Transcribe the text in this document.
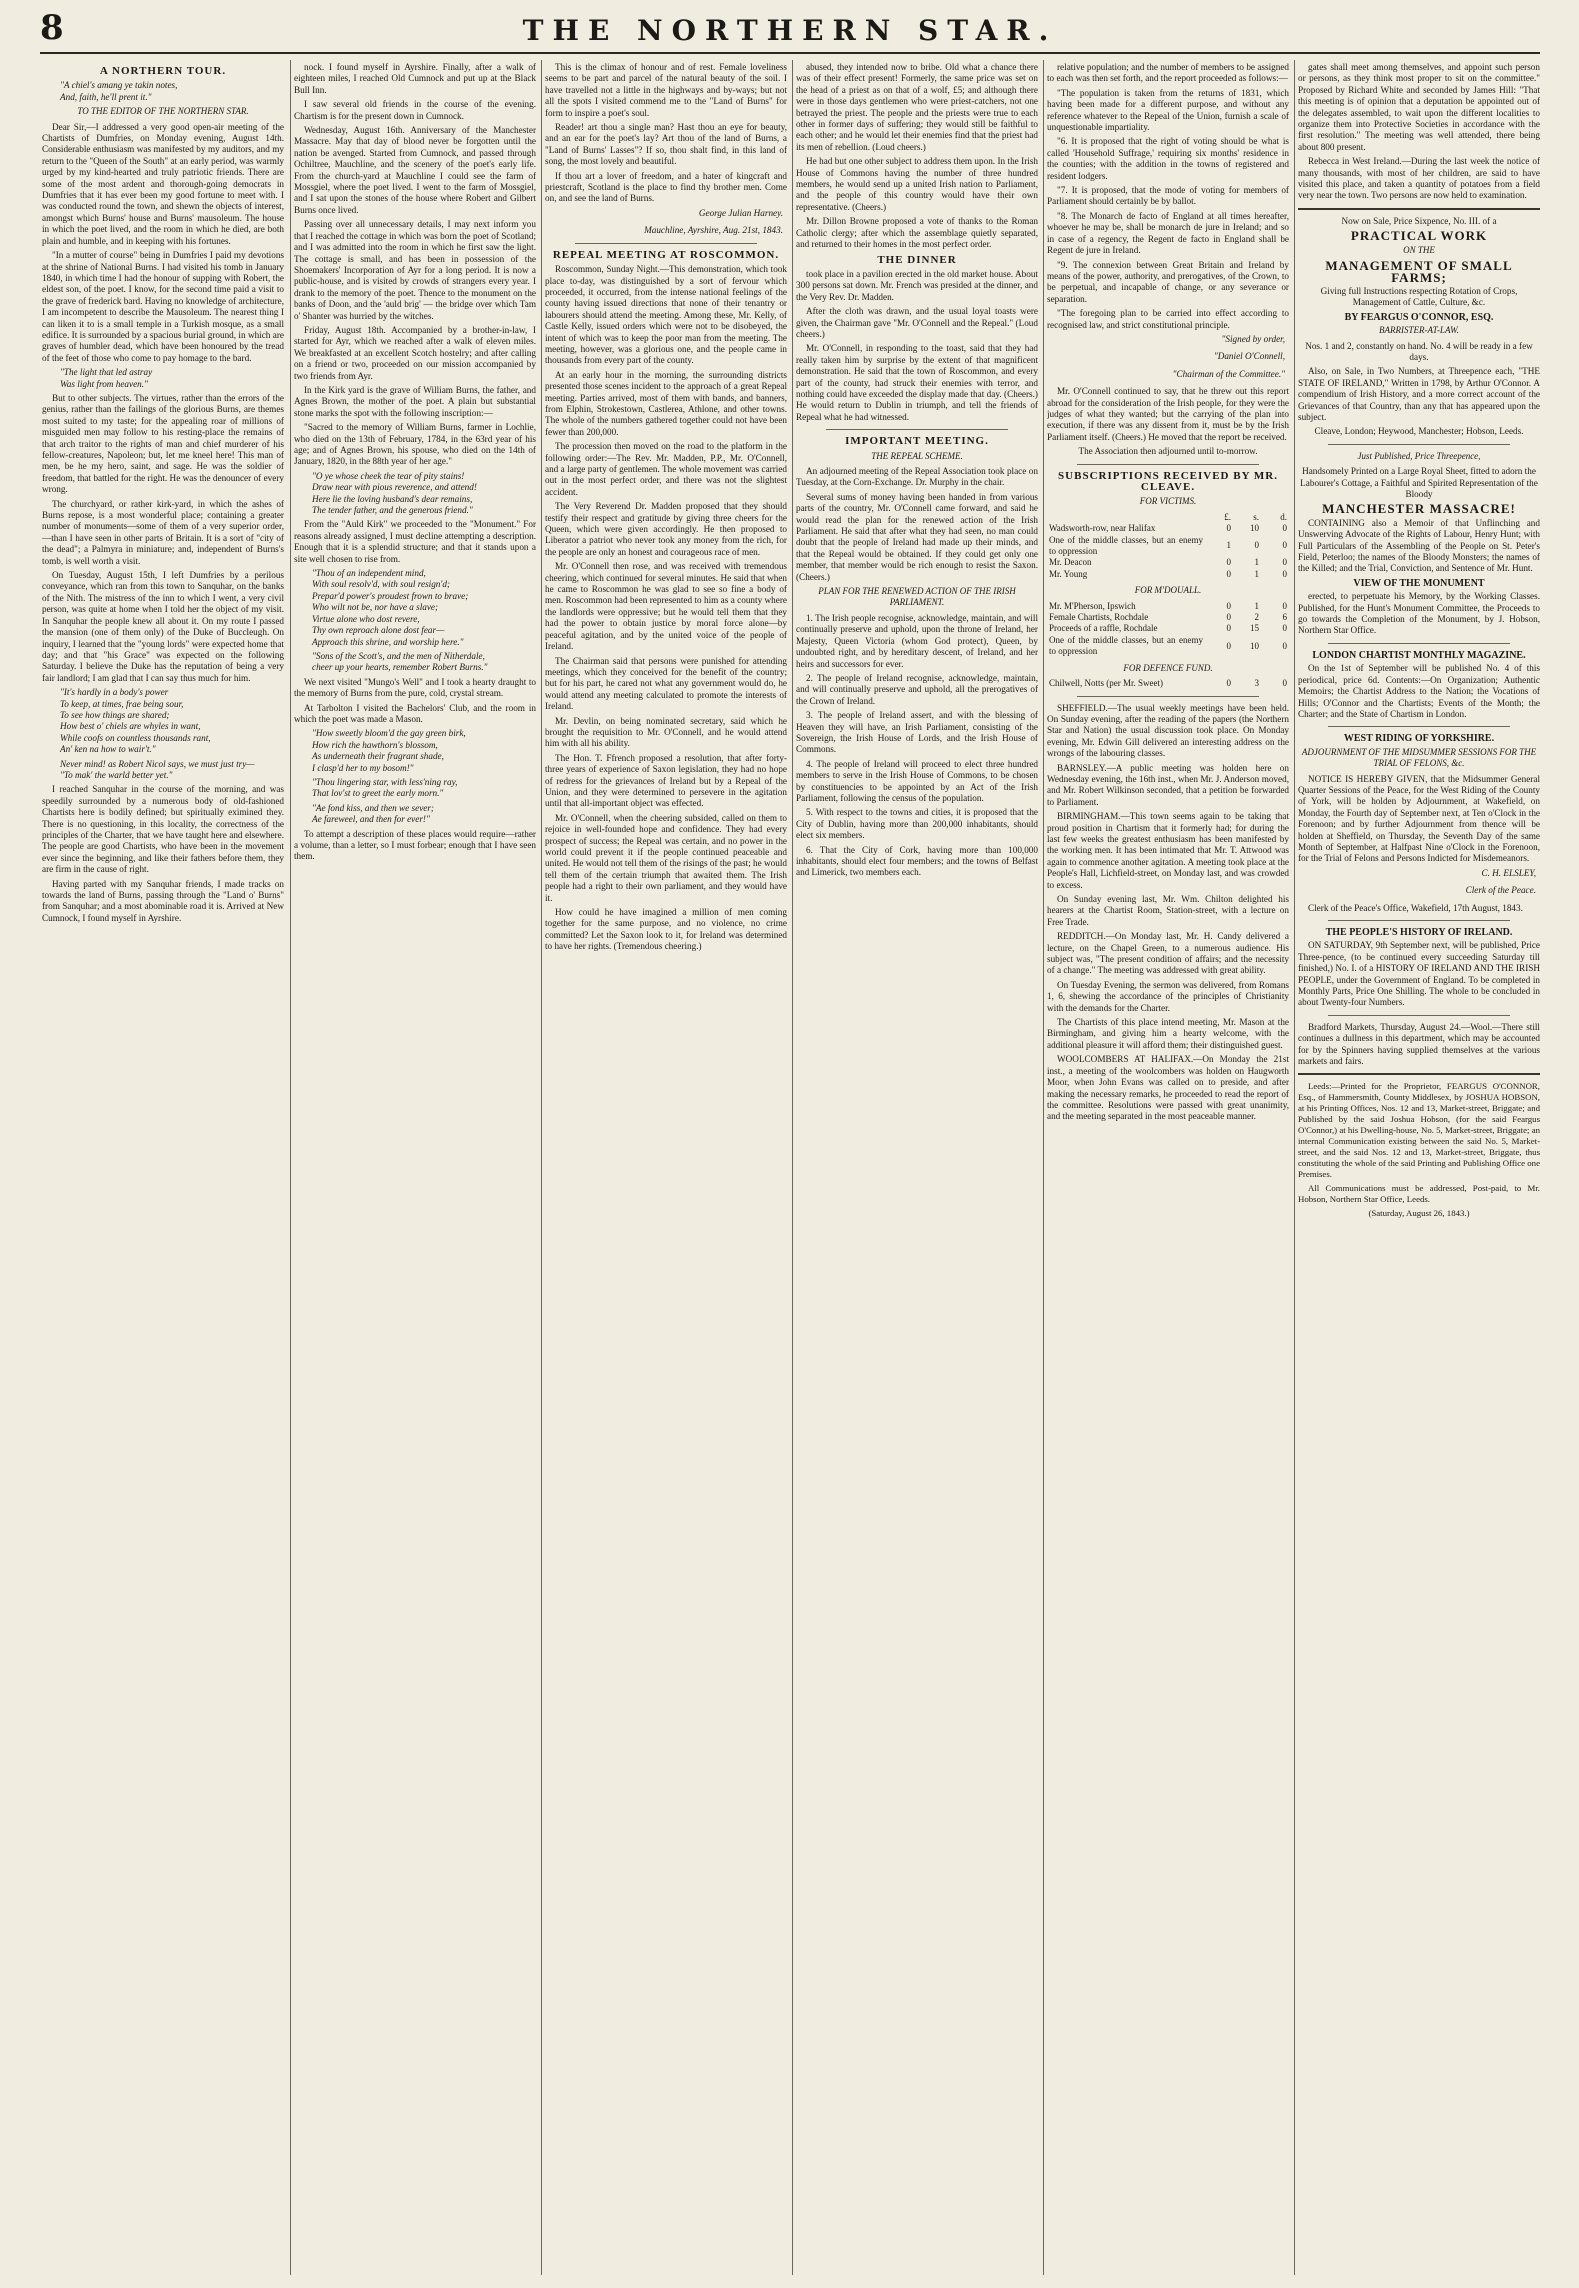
8	THE NORTHERN STAR.
A NORTHERN TOUR.
"A chiel's amang ye takin notes,
And, faith, he'll prent it."
TO THE EDITOR OF THE NORTHERN STAR.

Dear Sir,—I addressed a very good open-air meeting of the Chartists of Dumfries, on Monday evening, August 14th. Considerable enthusiasm was manifested by my auditors, and my return to the "Queen of the South" at an early period, was warmly urged by my kind-hearted and truly patriotic friends. There are some of the most ardent and thorough-going democrats in Dumfries that it has ever been my good fortune to meet with. I was conducted round the town, and shewn the objects of interest, amongst which Burns' house and Burns' mausoleum. The house in which the poet lived, and the room in which he died, are both plain and humble, and in keeping with his fortunes.

"In a mutter of course" being in Dumfries I paid my devotions at the shrine of National Burns. I had visited his tomb in January 1840, in which time I had the honour of supping with Robert, the eldest son, of the poet. I know, for the second time paid a visit to the grave of frederick bard. Having no knowledge of architecture, I am incompetent to describe the Mausoleum. The nearest thing I can liken it to is a small temple in a Turkish mosque, as a small edifice. It is surrounded by a spacious burial ground, in which are graves of humbler dead, which have been honoured by the tread of the feet of those who come to pay homage to the bard.

"The light that led astray
Was light from heaven."

But to other subjects. The virtues, rather than the errors of the genius, rather than the failings of the glorious Burns, are themes most suited to my taste; for the appealing roar of millions of misguided men may follow to his resting-place the remains of that arch traitor to the rights of man and chief murderer of his fellow-creatures, Napoleon; but, let me kneel here! This man of men, be he my hero, saint, and sage. He was the soldier of freedom, that battled for the right. He was the denouncer of every wrong.

The churchyard, or rather kirk-yard, in which the ashes of Burns repose, is a most wonderful place; containing a greater number of monuments—some of them of a very superior order,—than I have seen in other parts of Britain. It is a sort of "city of the dead"; a Palmyra in miniature; and, independent of Burns's tomb, is well worth a visit.

On Tuesday, August 15th, I left Dumfries by a perilous conveyance, which ran from this town to Sanquhar, on the banks of the Nith. The mistress of the inn to which I went, a very civil person, was quite at home when I told her the object of my visit. In Sanquhar the people knew all about it. On my route I passed the mansion (one of them only) of the Duke of Buccleugh. On inquiry, I learned that the "young lords" were expected home that day; and that "his Grace" was expected on the following Saturday. I believe the Duke has the reputation of being a very fair landlord; I am glad that I can say thus much for him.

"It's hardly in a body's power
To keep, at times, frae being sour,
To see how things are shared;
How best o' chiels are whyles in want,
While coofs on countless thousands rant,
An' ken na how to wair't."
Never mind! as Robert Nicol says, we must just try—
"To mak' the warld better yet."

I reached Sanquhar in the course of the morning, and was speedily surrounded by a numerous body of old-fashioned Chartists here is bodily defined; but spiritually eximined they. There is no questioning, in this locality, the correctness of the principles of the Charter, that we have taught here and elsewhere. The people are good Chartists, who have been in the movement ever since the beginning, and like their fathers before them, they are firm in the cause of right.

Having parted with my Sanquhar friends, I made tracks on towards the land of Burns, passing through the "Land o' Burns" from Sanquhar; and a most abominable road it is. Arrived at New Cumnock, I found myself in Ayrshire.

nock. I found myself in Ayrshire. Finally, after a walk of eighteen miles, I reached Old Cumnock and put up at the Black Bull Inn.

I saw several old friends in the course of the evening. Chartism is for the present down in Cumnock.

Wednesday, August 16th. Anniversary of the Manchester Massacre. May that day of blood never be forgotten until the nation be avenged. Started from Cumnock, and passed through Ochiltree, Mauchline, and the scenery of the poet's early life. From the church-yard at Mauchline I could see the farm of Mossgiel, where the poet lived. I went to the farm of Mossgiel, and I sat upon the stones of the house where Robert and Gilbert Burns once lived.

Passing over all unnecessary details, I may next inform you that I reached the cottage in which was born the poet of Scotland; and I was admitted into the room in which he first saw the light. The cottage is small, and has been in possession of the Shoemakers' Incorporation of Ayr for a long period. It is now a public-house, and is visited by crowds of strangers every year. I drank to the memory of the poet. Thence to the monument on the banks of Doon, and the 'auld brig' — the bridge over which Tam o' Shanter was hurried by the witches.

Friday, August 18th. Accompanied by a brother-in-law, I started for Ayr, which we reached after a walk of eleven miles. We breakfasted at an excellent Scotch hostelry; and after calling on a friend or two, proceeded on our mission accompanied by two friends from Ayr.

In the Kirk yard is the grave of William Burns, the father, and Agnes Brown, the mother of the poet. A plain but substantial stone marks the spot with the following inscription:—

"Sacred to the memory of William Burns, farmer in Lochlie, who died on the 13th of February, 1784, in the 63rd year of his age; and of Agnes Brown, his spouse, who died on the 14th of January, 1820, in the 88th year of her age."

"O ye whose cheek the tear of pity stains!
Draw near with pious reverence, and attend!
Here lie the loving husband's dear remains,
The tender father, and the generous friend."

From the "Auld Kirk" we proceeded to the "Monument." For reasons already assigned, I must decline attempting a description. Enough that it is a splendid structure; and that it stands upon a site well chosen to rise from.

"Thou of an independent mind,
With soul resolv'd, with soul resign'd;
Prepar'd power's proudest frown to brave;
Who wilt not be, nor have a slave;
Virtue alone who dost revere,
Thy own reproach alone dost fear—
Approach this shrine, and worship here."
"Sons of the Scott's, and the men of Nitherdale,
cheer up your hearts, remember Robert Burns."

We next visited "Mungo's Well" and I took a hearty draught to the memory of Burns from the pure, cold, crystal stream.

At Tarbolton I visited the Bachelors' Club, and the room in which the poet was made a Mason.

"How sweetly bloom'd the gay green birk,
How rich the hawthorn's blossom,
As underneath their fragrant shade,
I clasp'd her to my bosom!"
"Thou lingering star, with less'ning ray,
That lov'st to greet the early morn."
"Ae fond kiss, and then we sever;
Ae fareweel, and then for ever!"

To attempt a description of these places would require—rather a volume, than a letter, so I must forbear; enough that I have seen them.

This is the climax of honour and of rest. Female loveliness seems to be part and parcel of the natural beauty of the soil. I have travelled not a little in the highways and by-ways; but not all the spots I visited commend me to the "Land of Burns" for form to inspire a poet's soul.

Reader! art thou a single man? Hast thou an eye for beauty, and an ear for the poet's lay? Art thou of the land of Burns, a "Land of Burns' Lasses"? If so, thou shalt find, in this land of song, the most lovely and beautiful.

If thou art a lover of freedom, and a hater of kingcraft and priestcraft, Scotland is the place to find thy brother men. Come on, and see the land of Burns.

George Julian Harney.
Mauchline, Ayrshire, Aug. 21st, 1843.
REPEAL MEETING AT ROSCOMMON.

Roscommon, Sunday Night.—This demonstration, which took place to-day, was distinguished by a sort of fervour which proceeded, it occurred, from the intense national feelings of the county having issued directions that none of their tenantry or labourers should attend the meeting. Among these, Mr. Kelly, of Castle Kelly, issued orders which were not to be disobeyed, the intent of which was to keep the poor man from the meeting. The meeting, however, was a glorious one, and the people came in thousands from every part of the county.

At an early hour in the morning, the surrounding districts presented those scenes incident to the approach of a great Repeal meeting. Parties arrived, most of them with bands, and banners, from Elphin, Strokestown, Castlerea, Athlone, and other towns. The whole of the numbers gathered together could not have been fewer than 200,000.

The procession then moved on the road to the platform in the following order:—The Rev. Mr. Madden, P.P., Mr. O'Connell, and a large party of gentlemen. The whole movement was carried out in the most perfect order, and there was not the slightest accident.

The Very Reverend Dr. Madden proposed that they should testify their respect and gratitude by giving three cheers for the Queen, which were given accordingly. He then proposed to Liberator a patriot who never took any money from the rich, for the people are only an honest and courageous race of men.

Mr. O'Connell then rose, and was received with tremendous cheering, which continued for several minutes. He said that when he came to Roscommon he was glad to see so fine a body of men. Roscommon had been represented to him as a county where the landlords were oppressive; but he would tell them that they had the power to obtain justice by moral force alone—by peaceful agitation, and by the united voice of the people of Ireland.

The Chairman said that persons were punished for attending meetings, which they conceived for the benefit of the country; but for his part, he cared not what any government would do, he would attend any meeting calculated to promote the interests of Ireland.

Mr. Devlin, on being nominated secretary, said which he brought the requisition to Mr. O'Connell, and he would attend him with all his ability.

The Hon. T. Ffrench proposed a resolution, that after forty-three years of experience of Saxon legislation, they had no hope of redress for the grievances of Ireland but by a Repeal of the Union, and they were determined to persevere in the agitation until that all-important object was effected.

Mr. O'Connell, when the cheering subsided, called on them to rejoice in well-founded hope and confidence. They had every prospect of success; the Repeal was certain, and no power in the world could prevent it if the people continued peaceable and united. He would not tell them of the risings of the past; he would tell them of the certain triumph that awaited them. The Irish people had a right to their own parliament, and they would have it.

How could he have imagined a million of men coming together for the same purpose, and no violence, no crime committed? Let the Saxon look to it, for Ireland was determined to have her rights. (Tremendous cheering.)

abused, they intended now to bribe. Old what a chance there was of their effect present! Formerly, the same price was set on the head of a priest as on that of a wolf, £5; and although there were in those days gentlemen who were priest-catchers, not one betrayed the priest. The people and the priests were true to each other in former days of suffering; they would still be faithful to each other; and he would let their enemies find that the priest had its men of rebellion. (Loud cheers.)

He had but one other subject to address them upon. In the Irish House of Commons having the number of three hundred members, he would send up a united Irish nation to Parliament, and the people of this country would have their own representative. (Cheers.)

Mr. Dillon Browne proposed a vote of thanks to the Roman Catholic clergy; after which the assemblage quietly separated, and returned to their homes in the most perfect order.

THE DINNER

took place in a pavilion erected in the old market house. About 300 persons sat down. Mr. French was presided at the dinner, and the Very Rev. Dr. Madden.

After the cloth was drawn, and the usual loyal toasts were given, the Chairman gave "Mr. O'Connell and the Repeal." (Loud cheers.)

Mr. O'Connell, in responding to the toast, said that they had really taken him by surprise by the extent of that magnificent demonstration. He said that the town of Roscommon, and every part of the county, had struck their enemies with terror, and nothing could have exceeded the display made that day. (Cheers.) He would return to Dublin in triumph, and tell the friends of Repeal what he had witnessed.

IMPORTANT MEETING.
THE REPEAL SCHEME.

An adjourned meeting of the Repeal Association took place on Tuesday, at the Corn-Exchange. Dr. Murphy in the chair.

Several sums of money having been handed in from various parts of the country, Mr. O'Connell came forward, and said he would read the plan for the renewed action of the Irish Parliament. He said that after what they had seen, no man could doubt that the people of Ireland had made up their minds, and that the Repeal would be obtained. If they could get only one member, that member would be rich enough to resist the Saxon. (Cheers.)

PLAN FOR THE RENEWED ACTION OF THE IRISH PARLIAMENT.

1. The Irish people recognise, acknowledge, maintain, and will continually preserve and uphold, upon the throne of Ireland, her Majesty, Queen Victoria (whom God protect), Queen, by undoubted right, and by hereditary descent, of Ireland, and her heirs and successors for ever.

2. The people of Ireland recognise, acknowledge, maintain, and will continually preserve and uphold, all the prerogatives of the Crown of Ireland.

3. The people of Ireland assert, and with the blessing of Heaven they will have, an Irish Parliament, consisting of the Sovereign, the Irish House of Lords, and the Irish House of Commons.

4. The people of Ireland will proceed to elect three hundred members to serve in the Irish House of Commons, to be chosen by constituencies to be appointed by an Act of the Irish Parliament, following the census of the population.

5. With respect to the towns and cities, it is proposed that the City of Dublin, having more than 200,000 inhabitants, should elect six members.

6. That the City of Cork, having more than 100,000 inhabitants, should elect four members; and the towns of Belfast and Limerick, two members each.

relative population; and the number of members to be assigned to each was then set forth, and the report proceeded as follows:—

"The population is taken from the returns of 1831, which having been made for a different purpose, and without any reference whatever to the Repeal of the Union, furnish a scale of unquestionable impartiality.

"6. It is proposed that the right of voting should be what is called 'Household Suffrage,' requiring six months' residence in the counties; with the addition in the towns of registered and resident lodgers.

"7. It is proposed, that the mode of voting for members of Parliament should certainly be by ballot.

"8. The Monarch de facto of England at all times hereafter, whoever he may be, shall be monarch de jure in Ireland; and so in case of a regency, the Regent de facto in England shall be Regent de jure in Ireland.

"9. The connexion between Great Britain and Ireland by means of the power, authority, and prerogatives, of the Crown, to be perpetual, and incapable of change, or any severance or separation.

"The foregoing plan to be carried into effect according to recognised law, and strict constitutional principle.

"Signed by order,
"Daniel O'Connell,
"Chairman of the Committee."

Mr. O'Connell continued to say, that he threw out this report abroad for the consideration of the Irish people, for they were the judges of what they wanted; but the carrying of the plan into execution, if there was any dissent from it, must be by the Irish Parliament itself. (Cheers.) He moved that the report be received.

The Association then adjourned until to-morrow.

SUBSCRIPTIONS RECEIVED BY MR. CLEAVE.
FOR VICTIMS.
	£.	s.	d.
Wadsworth-row, near Halifax	0	10	0
One of the middle classes, but an enemy to oppression	1	0	0
Mr. Deacon	0	1	0
Mr. Young	0	1	0
FOR M'DOUALL.
Mr. M'Pherson, Ipswich	0	1	0
Female Chartists, Rochdale	0	2	6
Proceeds of a raffle, Rochdale	0	15	0
One of the middle classes, but an enemy to oppression	0	10	0
FOR DEFENCE FUND.
Chilwell, Notts (per Mr. Sweet)	0	3	0

SHEFFIELD.—The usual weekly meetings have been held. On Sunday evening, after the reading of the papers (the Northern Star and Nation) the usual discussion took place. On Monday evening, Mr. Edwin Gill delivered an interesting address on the wrongs of the labouring classes.

BARNSLEY.—A public meeting was holden here on Wednesday evening, the 16th inst., when Mr. J. Anderson moved, and Mr. Robert Wilkinson seconded, that a petition be forwarded to Parliament.

BIRMINGHAM.—This town seems again to be taking that proud position in Chartism that it formerly had; for during the last few weeks the greatest enthusiasm has been manifested by the working men. It has been intimated that Mr. T. Attwood was again to commence another agitation. A meeting took place at the People's Hall, Lichfield-street, on Monday last, and was crowded to excess.

On Sunday evening last, Mr. Wm. Chilton delighted his hearers at the Chartist Room, Station-street, with a lecture on Free Trade.

REDDITCH.—On Monday last, Mr. H. Candy delivered a lecture, on the Chapel Green, to a numerous audience. His subject was, "The present condition of affairs; and the necessity of a change." The meeting was addressed with great ability.

On Tuesday Evening, the sermon was delivered, from Romans 1, 6, shewing the accordance of the principles of Christianity with the demands for the Charter.

The Chartists of this place intend meeting, Mr. Mason at the Birmingham, and giving him a hearty welcome, with the additional pleasure it will afford them; their distinguished guest.

WOOLCOMBERS AT HALIFAX.—On Monday the 21st inst., a meeting of the woolcombers was holden on Haugworth Moor, when John Evans was called on to preside, and after making the necessary remarks, he proceeded to read the report of the committee. Resolutions were passed with great unanimity, and the meeting separated in the most peaceable manner.

gates shall meet among themselves, and appoint such person or persons, as they think most proper to sit on the committee." Proposed by Richard White and seconded by James Hill: "That this meeting is of opinion that a deputation be appointed out of the delegates assembled, to wait upon the different localities to organize them into Protective Societies in accordance with the first resolution." The meeting was well attended, there being about 800 present.

Rebecca in West Ireland.—During the last week the notice of many thousands, with most of her children, are said to have visited this place, and taken a quantity of potatoes from a field very near the town. Two persons are now held to examination.

Now on Sale, Price Sixpence, No. III. of a

PRACTICAL WORK
ON THE
MANAGEMENT OF SMALL FARMS;

Giving full Instructions respecting Rotation of Crops, Management of Cattle, Culture, &c.

BY FEARGUS O'CONNOR, ESQ.
BARRISTER-AT-LAW.

Nos. 1 and 2, constantly on hand. No. 4 will be ready in a few days.

Also, on Sale, in Two Numbers, at Threepence each, "THE STATE OF IRELAND," Written in 1798, by Arthur O'Connor. A compendium of Irish History, and a more correct account of the Grievances of that Country, than any that has appeared upon the subject.

Cleave, London; Heywood, Manchester; Hobson, Leeds.

Just Published, Price Threepence,

Handsomely Printed on a Large Royal Sheet, fitted to adorn the Labourer's Cottage, a Faithful and Spirited Representation of the Bloody

MANCHESTER MASSACRE!

CONTAINING also a Memoir of that Unflinching and Unswerving Advocate of the Rights of Labour, Henry Hunt; with Full Particulars of the Assembling of the People on St. Peter's Field, Peterloo; the names of the Bloody Monsters; the names of the Killed; and the Trial, Conviction, and Sentence of Mr. Hunt.

VIEW OF THE MONUMENT

erected, to perpetuate his Memory, by the Working Classes. Published, for the Hunt's Monument Committee, the Proceeds to go towards the Completion of the Monument, by J. Hobson, Northern Star Office.

LONDON CHARTIST MONTHLY MAGAZINE.

On the 1st of September will be published No. 4 of this periodical, price 6d. Contents:—On Organization; Authentic Memoirs; the Chartist Address to the Nation; the Vocations of Hills; O'Connor and the Chartists; Events of the Month; the Charter; and the State of Chartism in London.

WEST RIDING OF YORKSHIRE.
ADJOURNMENT OF THE MIDSUMMER SESSIONS FOR THE TRIAL OF FELONS, &c.

NOTICE IS HEREBY GIVEN, that the Midsummer General Quarter Sessions of the Peace, for the West Riding of the County of York, will be holden by Adjournment, at Wakefield, on Monday, the Fourth day of September next, at Ten o'Clock in the Forenoon; and by further Adjournment from thence will be holden at Sheffield, on Thursday, the Seventh Day of the same Month of September, at Halfpast Nine o'Clock in the Forenoon, for the Trial of Felons and Persons Indicted for Misdemeanors.

C. H. ELSLEY,
Clerk of the Peace.

Clerk of the Peace's Office, Wakefield, 17th August, 1843.

THE PEOPLE'S HISTORY OF IRELAND.

ON SATURDAY, 9th September next, will be published, Price Three-pence, (to be continued every succeeding Saturday till finished,) No. I. of a HISTORY OF IRELAND AND THE IRISH PEOPLE, under the Government of England. To be completed in Monthly Parts, Price One Shilling. The whole to be concluded in about Twenty-four Numbers.

Bradford Markets, Thursday, August 24.—Wool.—There still continues a dullness in this department, which may be accounted for by the Spinners having supplied themselves at the various markets and fairs.

Leeds:—Printed for the Proprietor, FEARGUS O'CONNOR, Esq., of Hammersmith, County Middlesex, by JOSHUA HOBSON, at his Printing Offices, Nos. 12 and 13, Market-street, Briggate; and Published by the said Joshua Hobson, (for the said Feargus O'Connor,) at his Dwelling-house, No. 5, Market-street, Briggate; an internal Communication existing between the said No. 5, Market-street, and the said Nos. 12 and 13, Market-street, Briggate, thus constituting the whole of the said Printing and Publishing Office one Premises.

All Communications must be addressed, Post-paid, to Mr. Hobson, Northern Star Office, Leeds.

(Saturday, August 26, 1843.)
